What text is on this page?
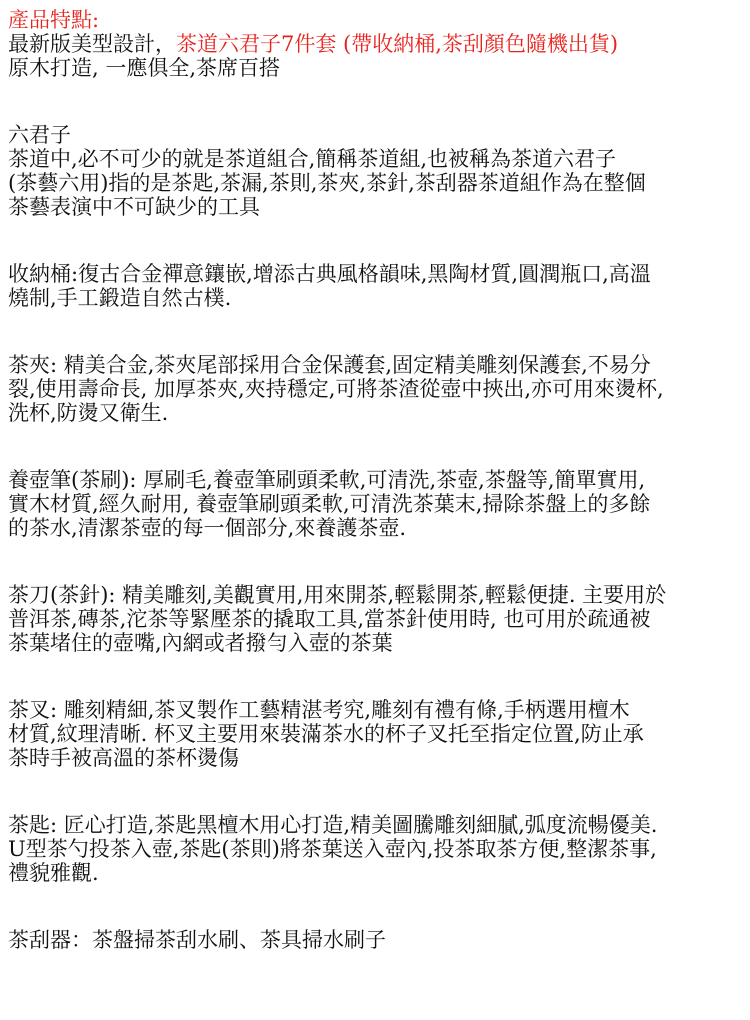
產品特點:
最新版美型設計，茶道六君子7件套 (帶收納桶,茶刮顏色隨機出貨)
原木打造, 一應俱全,茶席百搭
六君子
茶道中,必不可少的就是茶道組合,簡稱茶道組,也被稱為茶道六君子
(茶藝六用)指的是茶匙,茶漏,茶則,茶夾,茶針,茶刮器茶道組作為在整個
茶藝表演中不可缺少的工具
收納桶:復古合金禪意鑲嵌,增添古典風格韻味,黑陶材質,圓潤瓶口,高溫
燒制,手工鍛造自然古樸.
茶夾: 精美合金,茶夾尾部採用合金保護套,固定精美雕刻保護套,不易分
裂,使用壽命長, 加厚茶夾,夾持穩定,可將茶渣從壺中挾出,亦可用來燙杯,
洗杯,防燙又衛生.
養壺筆(茶刷): 厚刷毛,養壺筆刷頭柔軟,可清洗,茶壺,茶盤等,簡單實用,
實木材質,經久耐用, 養壺筆刷頭柔軟,可清洗茶葉末,掃除茶盤上的多餘
的茶水,清潔茶壺的每一個部分,來養護茶壺.
茶刀(茶針): 精美雕刻,美觀實用,用來開茶,輕鬆開茶,輕鬆便捷. 主要用於
普洱茶,磚茶,沱茶等緊壓茶的撬取工具,當茶針使用時, 也可用於疏通被
茶葉堵住的壺嘴,內網或者撥勻入壺的茶葉
茶叉: 雕刻精細,茶叉製作工藝精湛考究,雕刻有禮有條,手柄選用檀木
材質,紋理清晰. 杯叉主要用來裝滿茶水的杯子叉托至指定位置,防止承
茶時手被高溫的茶杯燙傷
茶匙: 匠心打造,茶匙黑檀木用心打造,精美圖騰雕刻細膩,弧度流暢優美.
U型茶勺投茶入壺,茶匙(茶則)將茶葉送入壺內,投茶取茶方便,整潔茶事,
禮貌雅觀.
茶刮器：茶盤掃茶刮水刷、茶具掃水刷子
